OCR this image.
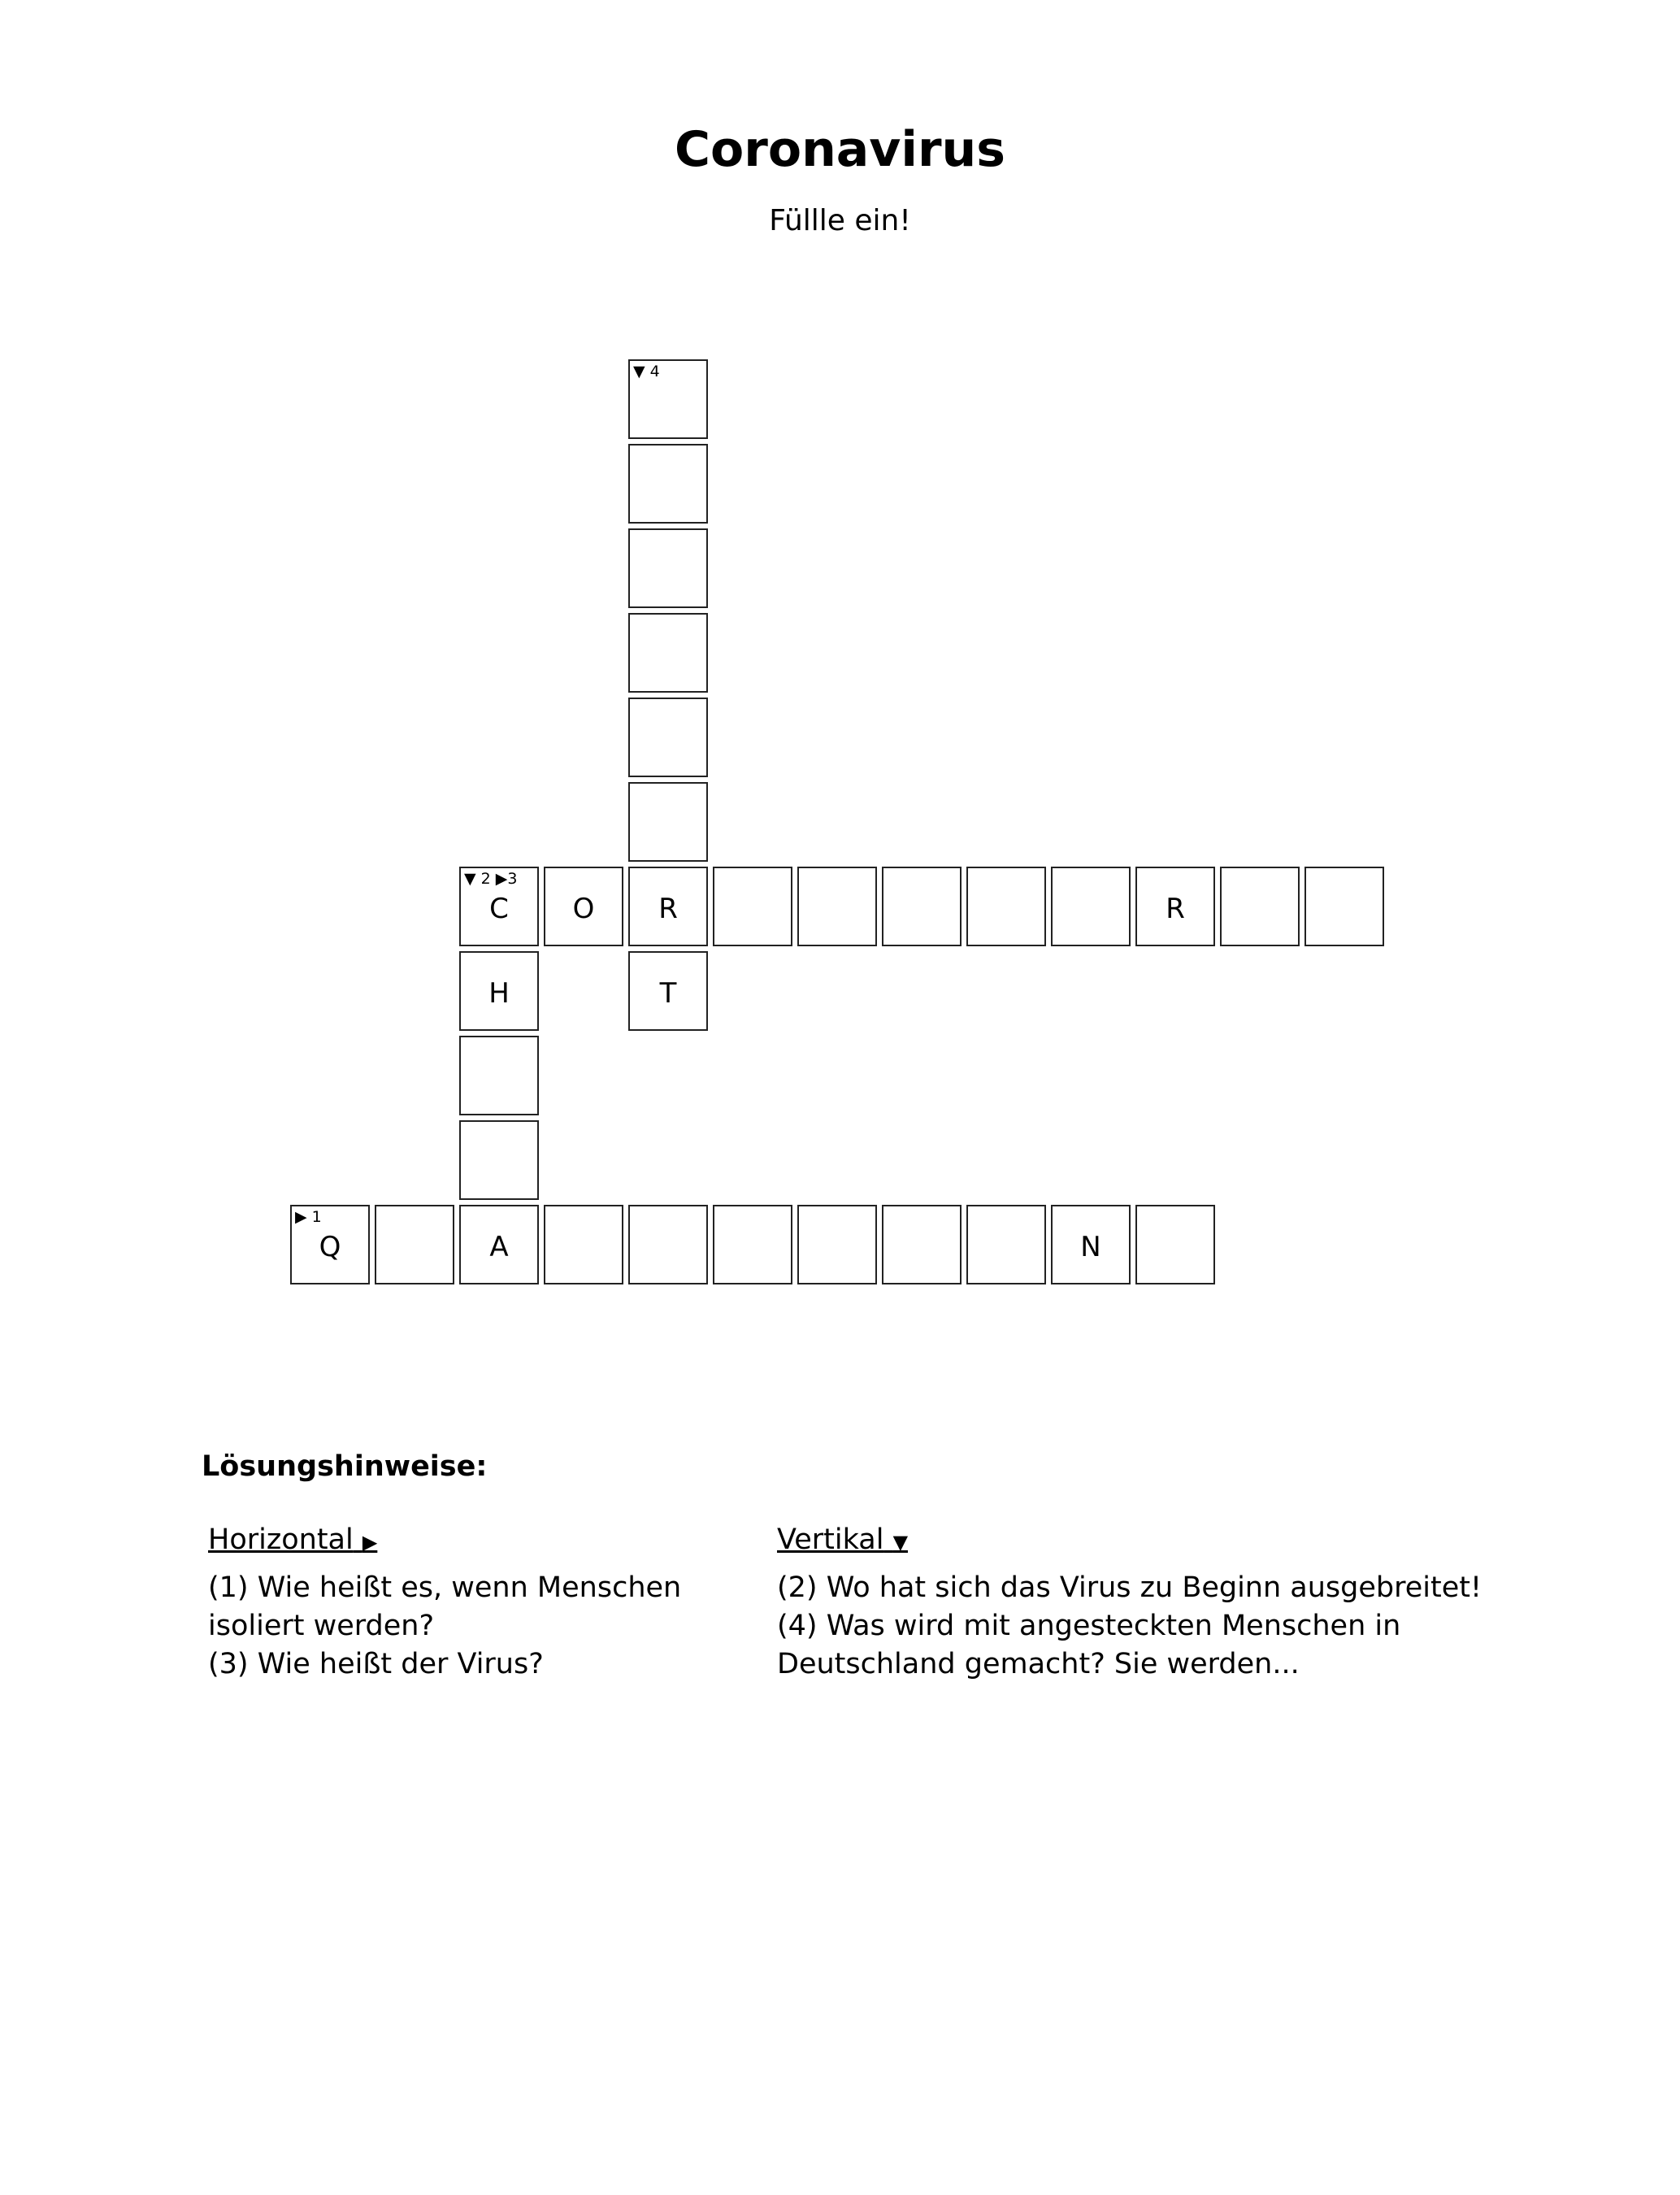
Coronavirus
Füllle ein!
▼ 4
▼ 2 ▶3
C	O	R	R
H	T
▶ 1
Q	A	N
Lösungshinweise:
Horizontal ▶	Vertikal ▼
(1) Wie heißt es, wenn Menschen isoliert werden?
(3) Wie heißt der Virus?
(2) Wo hat sich das Virus zu Beginn ausgebreitet!
(4) Was wird mit angesteckten Menschen in Deutschland gemacht? Sie werden...
